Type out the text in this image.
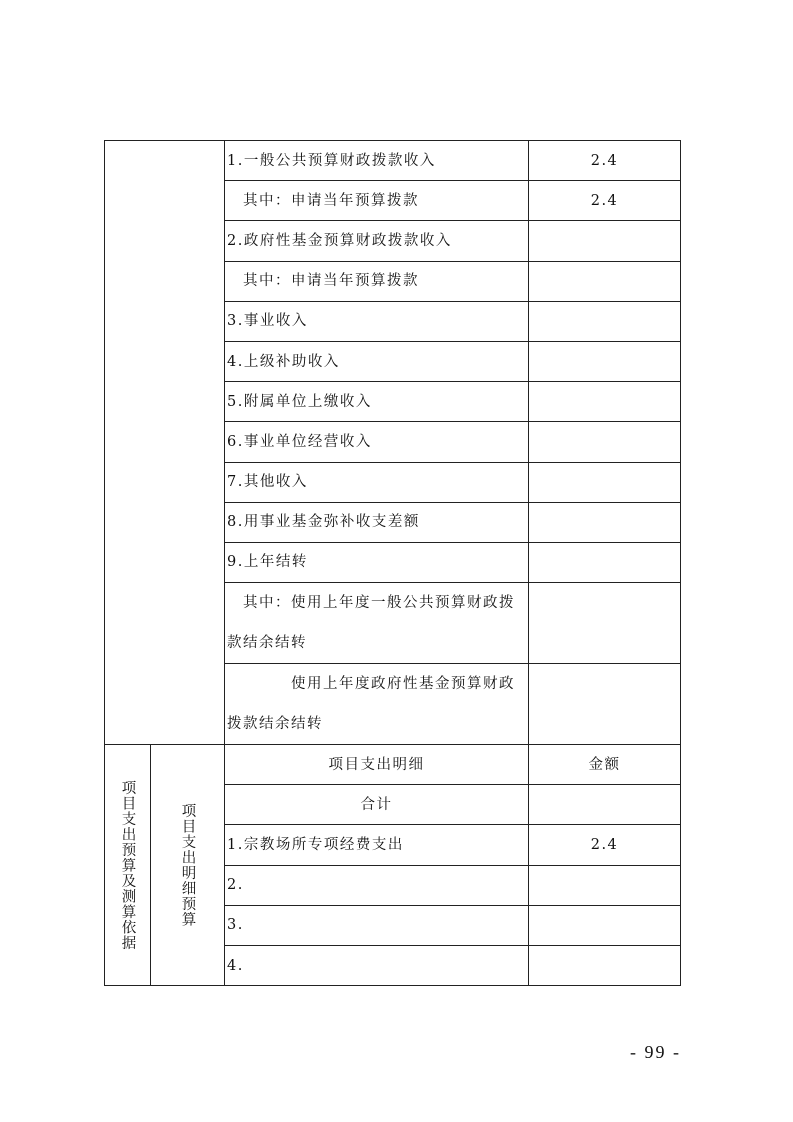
		1.一般公共预算财政拨款收入	2.4
		其中：申请当年预算拨款	2.4
		2.政府性基金预算财政拨款收入	
		其中：申请当年预算拨款	
		3.事业收入	
		4.上级补助收入	
		5.附属单位上缴收入	
		6.事业单位经营收入	
		7.其他收入	
		8.用事业基金弥补收支差额	
		9.上年结转	
		其中：使用上年度一般公共预算财政拨款结余结转	
		使用上年度政府性基金预算财政拨款结余结转	

项目支出预算及测算依据	项目支出明细预算	项目支出明细	金额
		合计	
		1.宗教场所专项经费支出	2.4
		2.	
		3.	
		4.	
- 99 -
